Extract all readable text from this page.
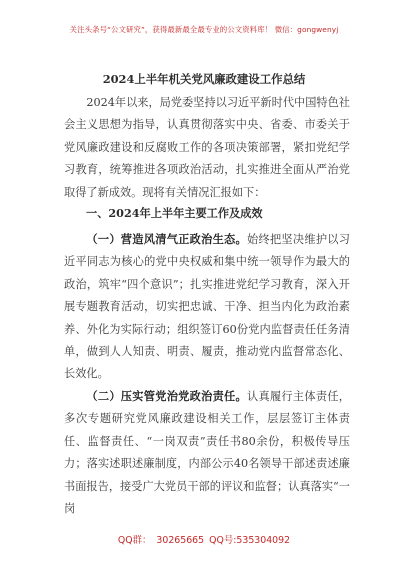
关注头条号“公文研究”，获得最新最全最专业的公文资料库！ 微信：gongwenyj
2024上半年机关党风廉政建设工作总结

2024年以来，局党委坚持以习近平新时代中国特色社会主义思想为指导，认真贯彻落实中央、省委、市委关于党风廉政建设和反腐败工作的各项决策部署，紧扣党纪学习教育，统筹推进各项政治活动，扎实推进全面从严治党取得了新成效。现将有关情况汇报如下：

一、2024年上半年主要工作及成效

（一）营造风清气正政治生态。始终把坚决维护以习近平同志为核心的党中央权威和集中统一领导作为最大的政治，筑牢“四个意识”；扎实推进党纪学习教育，深入开展专题教育活动，切实把忠诚、干净、担当内化为政治素养、外化为实际行动；组织签订60份党内监督责任任务清单，做到人人知责、明责、履责，推动党内监督常态化、长效化。

（二）压实管党治党政治责任。认真履行主体责任，多次专题研究党风廉政建设相关工作，层层签订主体责任、监督责任、“一岗双责”责任书80余份，积极传导压力；落实述职述廉制度，内部公示40名领导干部述责述廉书面报告，接受广大党员干部的评议和监督；认真落实“一岗

QQ群： 30265665 QQ号:535304092
